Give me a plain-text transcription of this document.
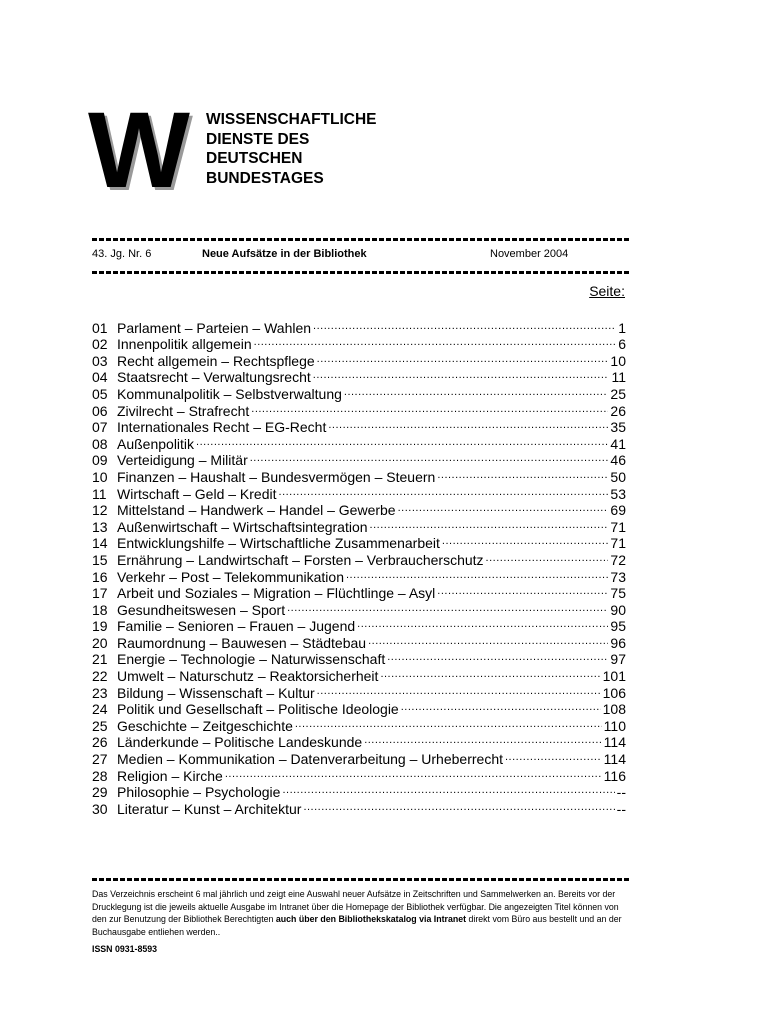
W WISSENSCHAFTLICHE
DIENSTE DES
DEUTSCHEN
BUNDESTAGES
43. Jg. Nr. 6	Neue Aufsätze in der Bibliothek	November 2004
Seite:
01 Parlament – Parteien – Wahlen .....	1
02 Innenpolitik allgemein .....	6
03 Recht allgemein – Rechtspflege .....	10
04 Staatsrecht – Verwaltungsrecht .....	11
05 Kommunalpolitik – Selbstverwaltung .....	25
06 Zivilrecht – Strafrecht .....	26
07 Internationales Recht – EG-Recht .....	35
08 Außenpolitik .....	41
09 Verteidigung – Militär .....	46
10 Finanzen – Haushalt – Bundesvermögen – Steuern .....	50
11 Wirtschaft – Geld – Kredit .....	53
12 Mittelstand – Handwerk – Handel – Gewerbe .....	69
13 Außenwirtschaft – Wirtschaftsintegration .....	71
14 Entwicklungshilfe – Wirtschaftliche Zusammenarbeit .....	71
15 Ernährung – Landwirtschaft – Forsten – Verbraucherschutz .....	72
16 Verkehr – Post – Telekommunikation .....	73
17 Arbeit und Soziales – Migration – Flüchtlinge – Asyl .....	75
18 Gesundheitswesen – Sport .....	90
19 Familie – Senioren – Frauen – Jugend .....	95
20 Raumordnung – Bauwesen – Städtebau .....	96
21 Energie – Technologie – Naturwissenschaft .....	97
22 Umwelt – Naturschutz – Reaktorsicherheit .....	101
23 Bildung – Wissenschaft – Kultur .....	106
24 Politik und Gesellschaft – Politische Ideologie .....	108
25 Geschichte – Zeitgeschichte .....	110
26 Länderkunde – Politische Landeskunde .....	114
27 Medien – Kommunikation – Datenverarbeitung – Urheberrecht .....	114
28 Religion – Kirche .....	116
29 Philosophie – Psychologie .....	--
30 Literatur – Kunst – Architektur .....	--
Das Verzeichnis erscheint 6 mal jährlich und zeigt eine Auswahl neuer Aufsätze in Zeitschriften und Sammelwerken an. Bereits vor der Drucklegung ist die jeweils aktuelle Ausgabe im Intranet über die Homepage der Bibliothek verfügbar. Die angezeigten Titel können von den zur Benutzung der Bibliothek Berechtigten auch über den Bibliothekskatalog via Intranet direkt vom Büro aus bestellt und an der Buchausgabe entliehen werden..
ISSN 0931-8593
